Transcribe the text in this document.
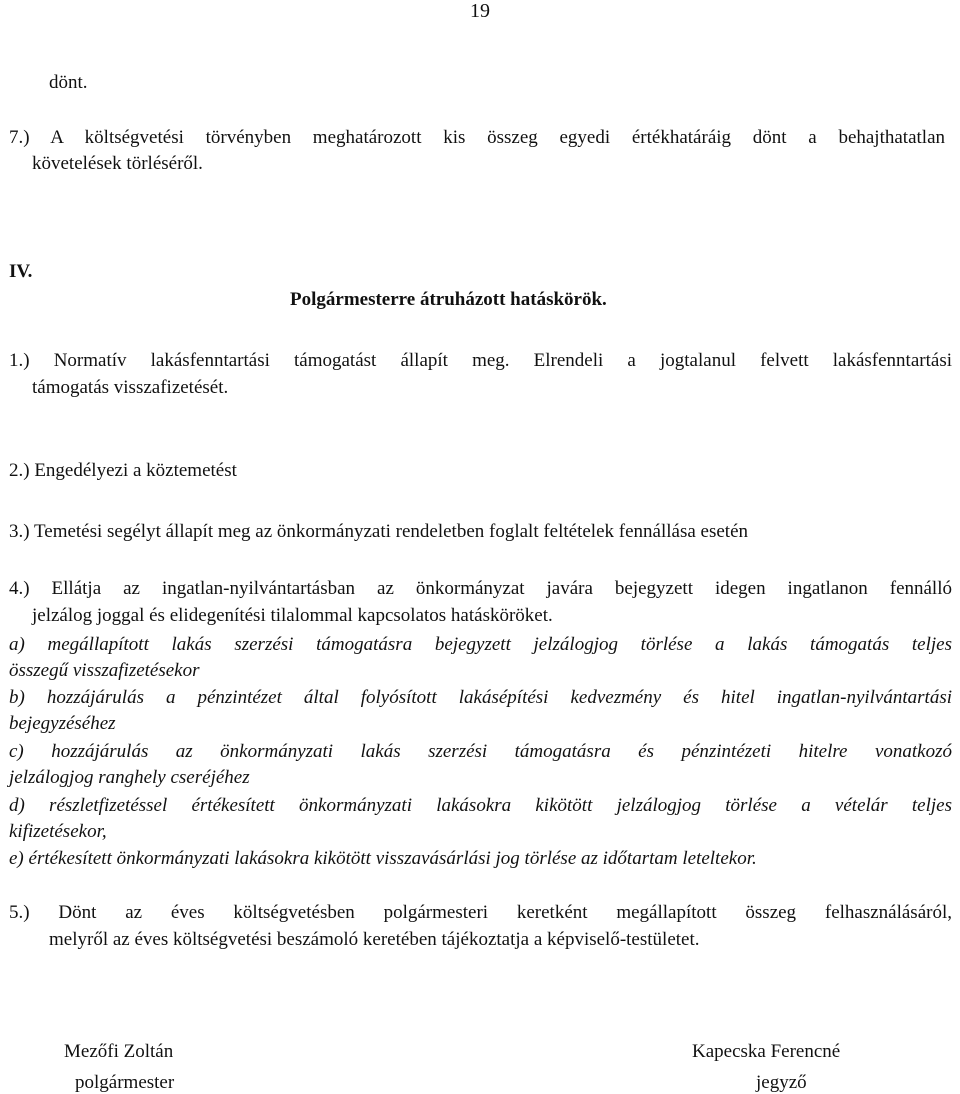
19
dönt.
7.) A költségvetési törvényben meghatározott kis összeg egyedi értékhatáráig dönt a behajthatatlan
követelések törléséről.
IV.
Polgármesterre átruházott hatáskörök.
1.) Normatív lakásfenntartási támogatást állapít meg. Elrendeli a jogtalanul felvett lakásfenntartási
támogatás visszafizetését.
2.) Engedélyezi a köztemetést
3.) Temetési segélyt állapít meg az önkormányzati rendeletben foglalt feltételek fennállása esetén
4.) Ellátja az ingatlan-nyilvántartásban az önkormányzat javára bejegyzett idegen ingatlanon fennálló
jelzálog joggal és elidegenítési tilalommal kapcsolatos hatásköröket.
a) megállapított lakás szerzési támogatásra bejegyzett jelzálogjog törlése a lakás támogatás teljes
összegű visszafizetésekor
b) hozzájárulás a pénzintézet által folyósított lakásépítési kedvezmény és hitel ingatlan-nyilvántartási
bejegyzéséhez
c) hozzájárulás az önkormányzati lakás szerzési támogatásra és pénzintézeti hitelre vonatkozó
jelzálogjog ranghely cseréjéhez
d) részletfizetéssel értékesített önkormányzati lakásokra kikötött jelzálogjog törlése a vételár teljes
kifizetésekor,
e) értékesített önkormányzati lakásokra kikötött visszavásárlási jog törlése az időtartam leteltekor.
5.) Dönt az éves költségvetésben polgármesteri keretként megállapított összeg felhasználásáról,
melyről az éves költségvetési beszámoló keretében tájékoztatja a képviselő-testületet.
Mezőfi Zoltán
polgármester
Kapecska Ferencné
jegyző
